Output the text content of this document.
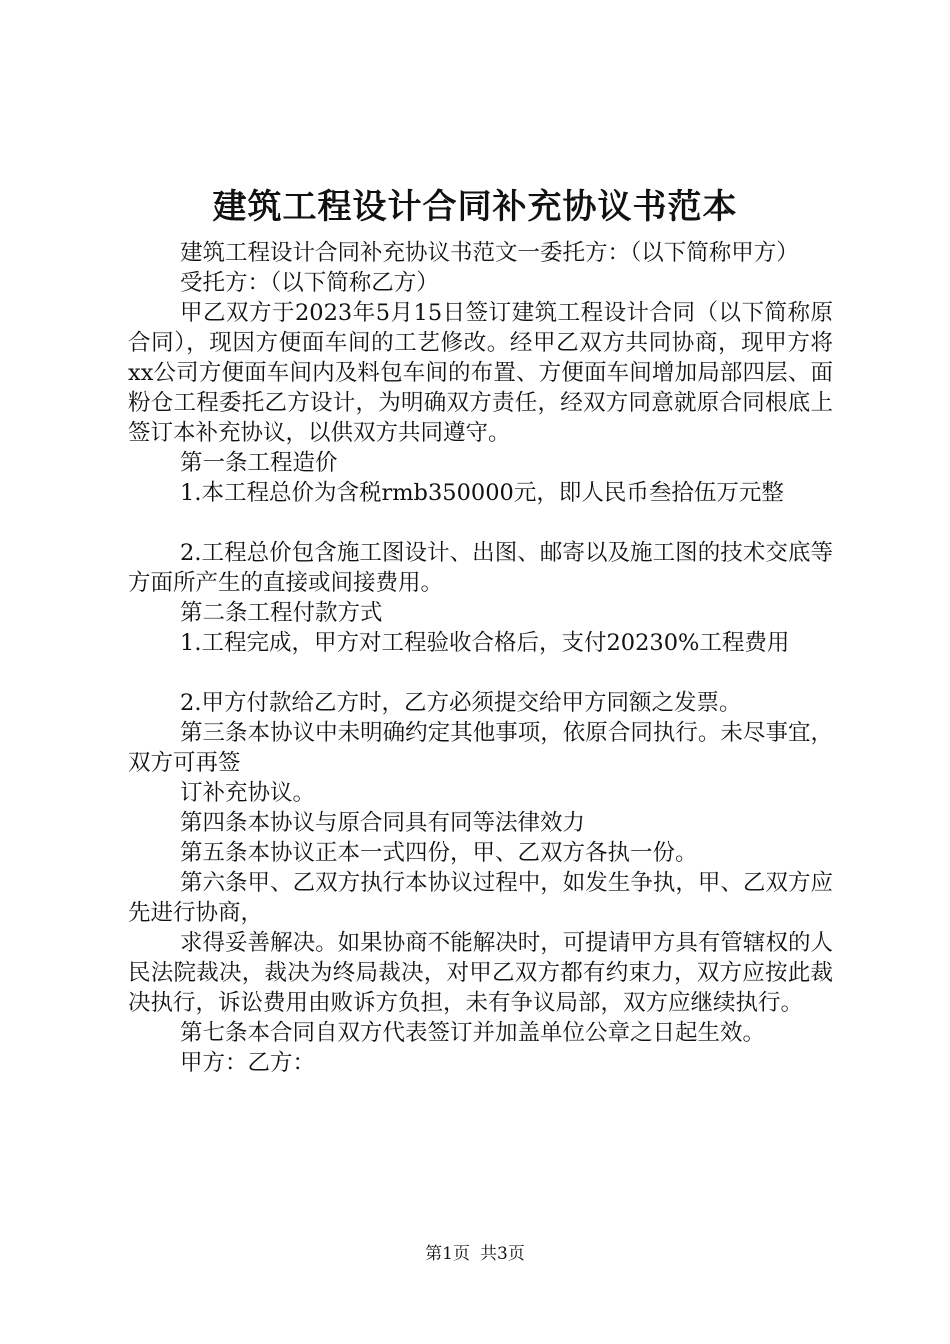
建筑工程设计合同补充协议书范本

建筑工程设计合同补充协议书范文一委托方：（以下简称甲方）

受托方：（以下简称乙方）

甲乙双方于2023年5月15日签订建筑工程设计合同（以下简称原合同），现因方便面车间的工艺修改。经甲乙双方共同协商，现甲方将xx公司方便面车间内及料包车间的布置、方便面车间增加局部四层、面粉仓工程委托乙方设计，为明确双方责任，经双方同意就原合同根底上签订本补充协议，以供双方共同遵守。

第一条工程造价

1.本工程总价为含税rmb350000元，即人民币叁拾伍万元整

2.工程总价包含施工图设计、出图、邮寄以及施工图的技术交底等方面所产生的直接或间接费用。

第二条工程付款方式

1.工程完成，甲方对工程验收合格后，支付20230%工程费用

2.甲方付款给乙方时，乙方必须提交给甲方同额之发票。

第三条本协议中未明确约定其他事项，依原合同执行。未尽事宜，双方可再签

订补充协议。

第四条本协议与原合同具有同等法律效力

第五条本协议正本一式四份，甲、乙双方各执一份。

第六条甲、乙双方执行本协议过程中，如发生争执，甲、乙双方应先进行协商，

求得妥善解决。如果协商不能解决时，可提请甲方具有管辖权的人民法院裁决，裁决为终局裁决，对甲乙双方都有约束力，双方应按此裁决执行，诉讼费用由败诉方负担，未有争议局部，双方应继续执行。

第七条本合同自双方代表签订并加盖单位公章之日起生效。

甲方：乙方：

第1页 共3页
